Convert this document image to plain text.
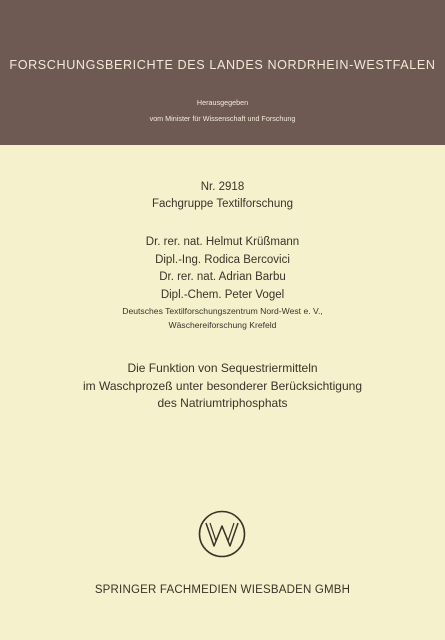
FORSCHUNGSBERICHTE DES LANDES NORDRHEIN-WESTFALEN
Herausgegeben
vom Minister für Wissenschaft und Forschung
Nr. 2918
Fachgruppe Textilforschung
Dr. rer. nat. Helmut Krüßmann
Dipl.-Ing. Rodica Bercovici
Dr. rer. nat. Adrian Barbu
Dipl.-Chem. Peter Vogel
Deutsches Textilforschungszentrum Nord-West e. V.,
Wäschereiforschung Krefeld
Die Funktion von Sequestriermitteln
im Waschprozeß unter besonderer Berücksichtigung
des Natriumtriphosphats
SPRINGER FACHMEDIEN WIESBADEN GMBH
